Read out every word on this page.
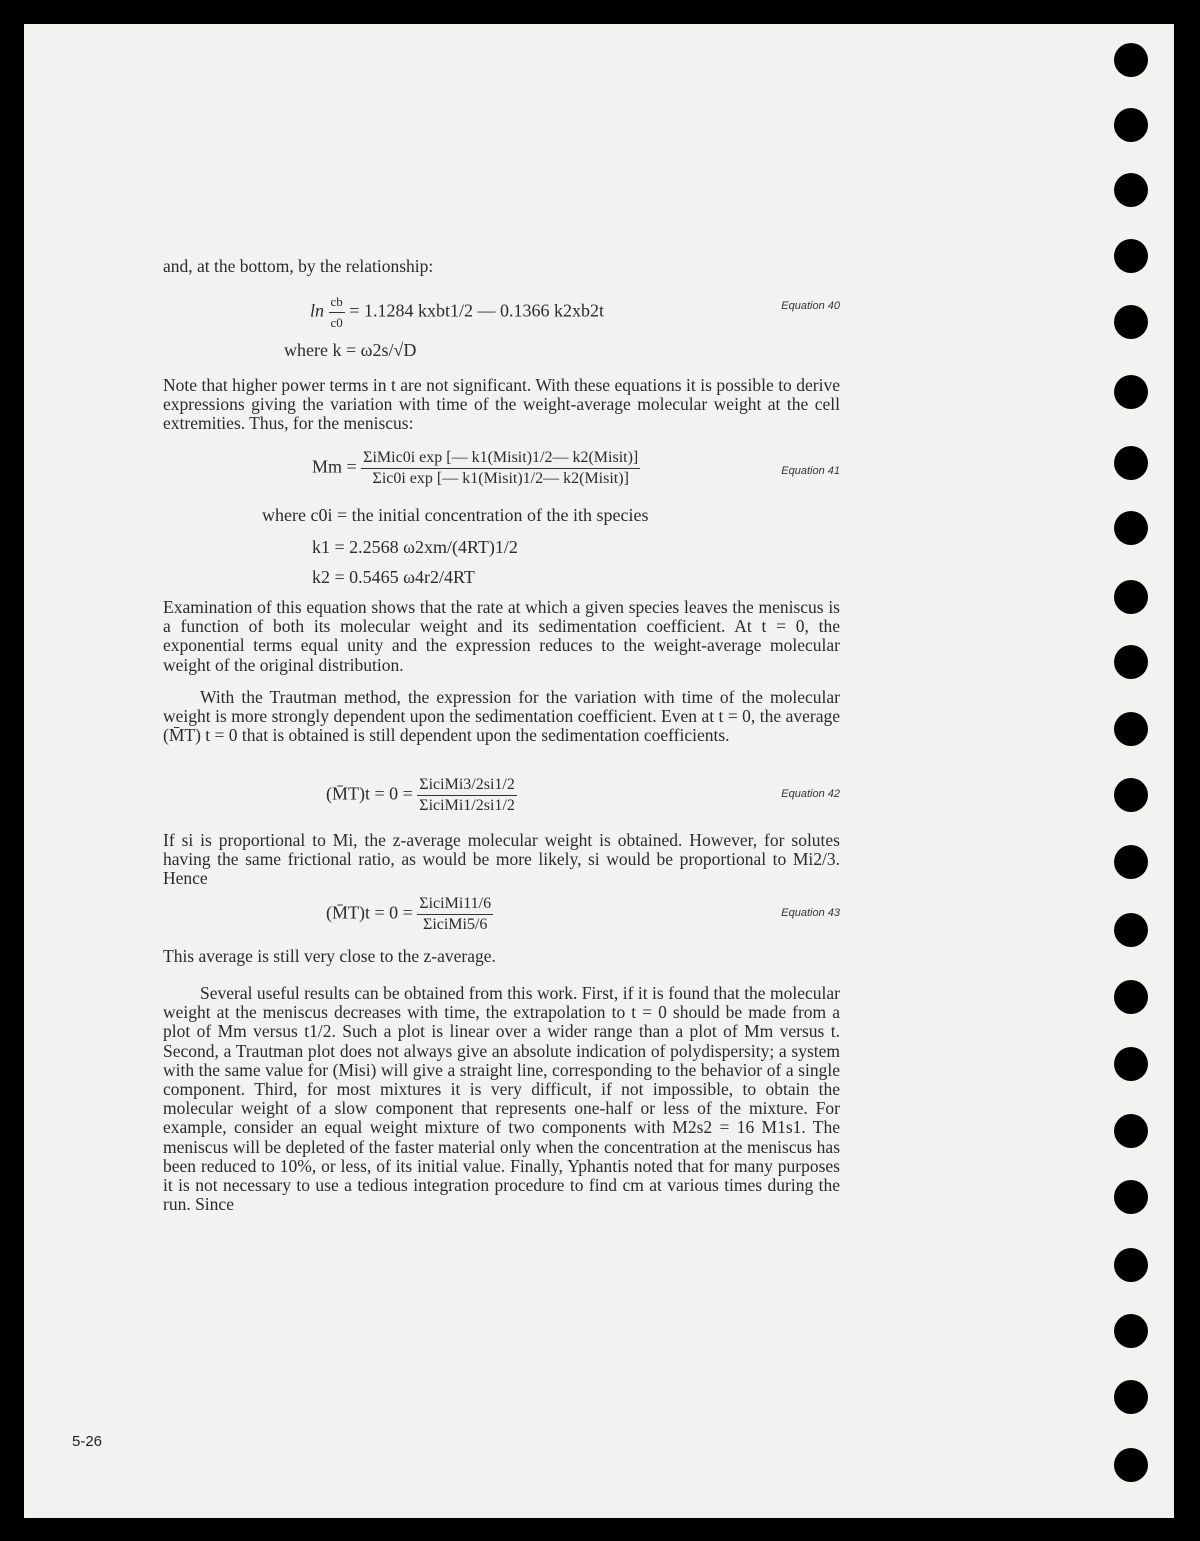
and, at the bottom, by the relationship:

$\ln \frac{cb}{c0} = 1.1284$ kxbt1/2 — 0.1366 k2xb2t	Equation 40
where k = ω2s/√D

Note that higher power terms in t are not significant. With these equations it is possible to derive expressions giving the variation with time of the weight-average molecular weight at the cell extremities. Thus, for the meniscus:

$Mm = \frac{\text{ΣiMic0i exp [— k1(Misit)1/2— k2(Misit)]}}{\text{Σic0i exp [— k1(Misit)1/2— k2(Misit)]}}$	Equation 41
where c0i = the initial concentration of the ith species
k1 = 2.2568 ω2xm/(4RT)1/2
k2 = 0.5465 ω4r2/4RT

Examination of this equation shows that the rate at which a given species leaves the meniscus is a function of both its molecular weight and its sedimentation coefficient. At t = 0, the exponential terms equal unity and the expression reduces to the weight-average molecular weight of the original distribution.

With the Trautman method, the expression for the variation with time of the molecular weight is more strongly dependent upon the sedimentation coefficient. Even at t = 0, the average (M̄T) t = 0 that is obtained is still dependent upon the sedimentation coefficients.

(M̄T)t = $0 = \frac{\text{ΣiciMi3/2si1/2}}{\text{ΣiciMi1/2si1/2}}$	Equation 42

If si is proportional to Mi, the z-average molecular weight is obtained. However, for solutes having the same frictional ratio, as would be more likely, si would be proportional to Mi2/3. Hence

(M̄T)t = $0 = \frac{\text{ΣiciMi11/6}}{\text{ΣiciMi5/6}}$	Equation 43

This average is still very close to the z-average.

Several useful results can be obtained from this work. First, if it is found that the molecular weight at the meniscus decreases with time, the extrapolation to t = 0 should be made from a plot of Mm versus t1/2. Such a plot is linear over a wider range than a plot of Mm versus t. Second, a Trautman plot does not always give an absolute indication of polydispersity; a system with the same value for (Misi) will give a straight line, corresponding to the behavior of a single component. Third, for most mixtures it is very difficult, if not impossible, to obtain the molecular weight of a slow component that represents one-half or less of the mixture. For example, consider an equal weight mixture of two components with M2s2 = 16 M1s1. The meniscus will be depleted of the faster material only when the concentration at the meniscus has been reduced to 10%, or less, of its initial value. Finally, Yphantis noted that for many purposes it is not necessary to use a tedious integration procedure to find cm at various times during the run. Since

5-26
